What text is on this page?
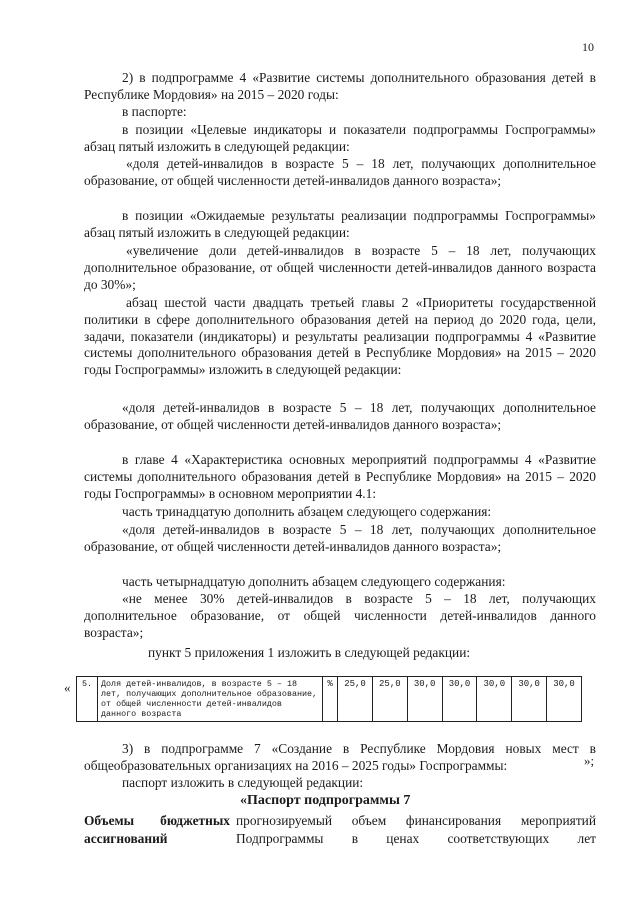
10

2) в подпрограмме 4 «Развитие системы дополнительного образования детей в Республике Мордовия» на 2015 – 2020 годы:

в паспорте:

в позиции «Целевые индикаторы и показатели подпрограммы Госпрограммы» абзац пятый изложить в следующей редакции:

«доля детей-инвалидов в возрасте 5 – 18 лет, получающих дополнительное образование, от общей численности детей-инвалидов данного возраста»;

в позиции «Ожидаемые результаты реализации подпрограммы Госпрограммы» абзац пятый изложить в следующей редакции:

«увеличение доли детей-инвалидов в возрасте 5 – 18 лет, получающих дополнительное образование, от общей численности детей-инвалидов данного возраста до 30%»;

абзац шестой части двадцать третьей главы 2 «Приоритеты государственной политики в сфере дополнительного образования детей на период до 2020 года, цели, задачи, показатели (индикаторы) и результаты реализации подпрограммы 4 «Развитие системы дополнительного образования детей в Республике Мордовия» на 2015 – 2020 годы Госпрограммы» изложить в следующей редакции:

«доля детей-инвалидов в возрасте 5 – 18 лет, получающих дополнительное образование, от общей численности детей-инвалидов данного возраста»;

в главе 4 «Характеристика основных мероприятий подпрограммы 4 «Развитие системы дополнительного образования детей в Республике Мордовия» на 2015 – 2020 годы Госпрограммы» в основном мероприятии 4.1:

часть тринадцатую дополнить абзацем следующего содержания:

«доля детей-инвалидов в возрасте 5 – 18 лет, получающих дополнительное образование, от общей численности детей-инвалидов данного возраста»;

часть четырнадцатую дополнить абзацем следующего содержания:

«не менее 30% детей-инвалидов в возрасте 5 – 18 лет, получающих дополнительное образование, от общей численности детей-инвалидов данного возраста»;

пункт 5 приложения 1 изложить в следующей редакции:

« 5.	Доля детей-инвалидов, в возрасте 5 – 18 лет, получающих дополнительное образование, от общей численности детей-инвалидов данного возраста	%	25,0	25,0	30,0	30,0	30,0	30,0	30,0
»;

3) в подпрограмме 7 «Создание в Республике Мордовия новых мест в общеобразовательных организациях на 2016 – 2025 годы» Госпрограммы:

паспорт изложить в следующей редакции:

«Паспорт подпрограммы 7

Объемы бюджетных ассигнований

прогнозируемый объем финансирования мероприятий Подпрограммы в ценах соответствующих лет
